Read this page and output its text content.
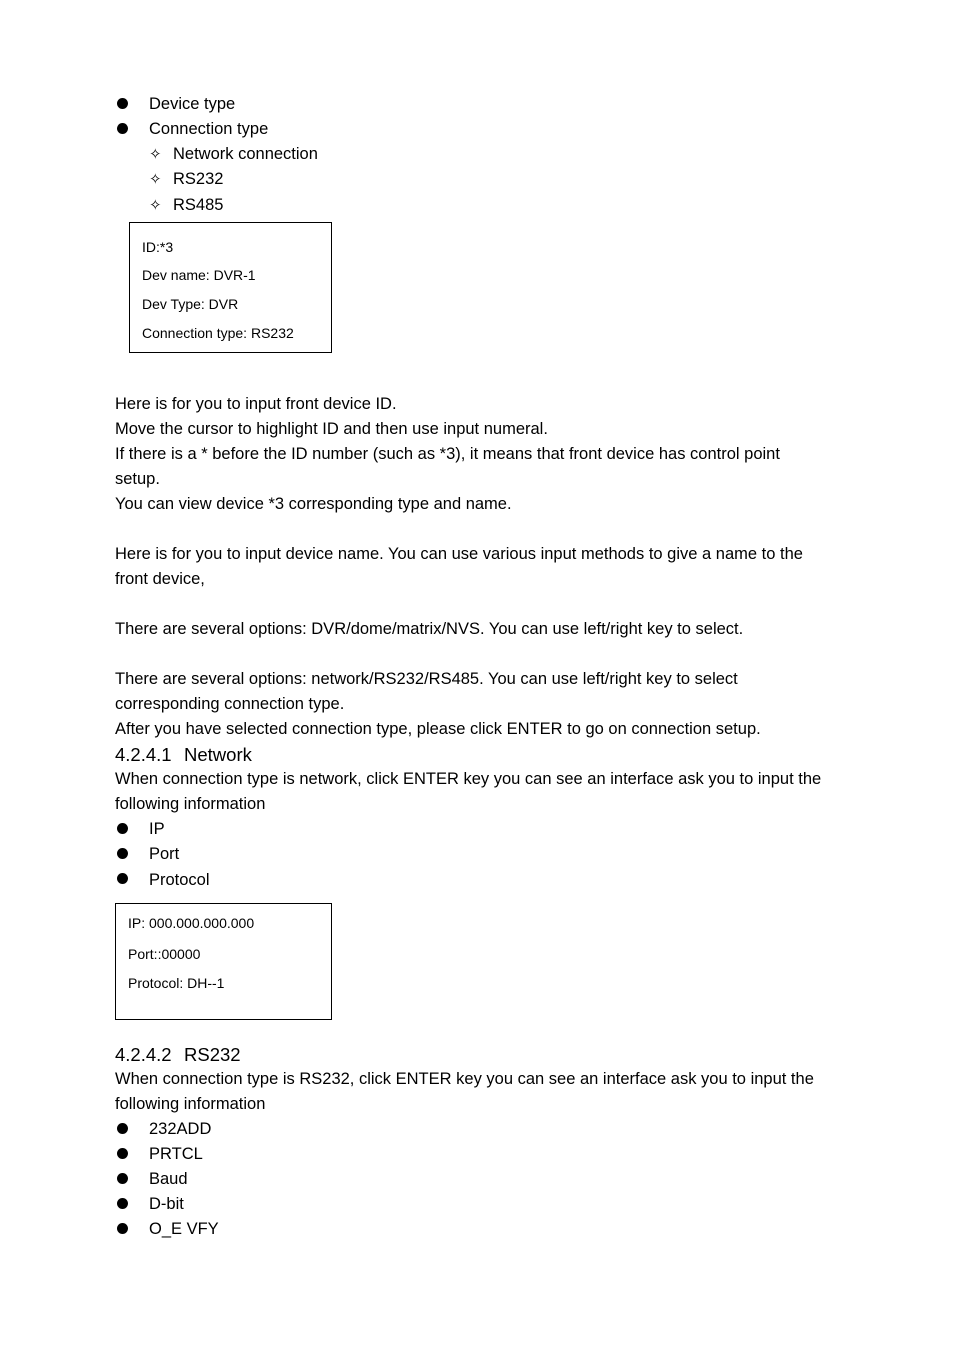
Device type
Connection type
✧ Network connection
✧ RS232
✧ RS485
ID:*3
Dev name: DVR-1
Dev Type: DVR
Connection type: RS232
Here is for you to input front device ID.
Move the cursor to highlight ID and then use input numeral.
If there is a * before the ID number (such as *3), it means that front device has control point
setup.
You can view device *3 corresponding type and name.
Here is for you to input device name. You can use various input methods to give a name to the
front device,
There are several options: DVR/dome/matrix/NVS. You can use left/right key to select.
There are several options: network/RS232/RS485. You can use left/right key to select
corresponding connection type.
After you have selected connection type, please click ENTER to go on connection setup.
4.2.4.1 Network
When connection type is network, click ENTER key you can see an interface ask you to input the
following information
IP
Port
Protocol
IP: 000.000.000.000
Port::00000
Protocol: DH--1
4.2.4.2 RS232
When connection type is RS232, click ENTER key you can see an interface ask you to input the
following information
232ADD
PRTCL
Baud
D-bit
O_E VFY
